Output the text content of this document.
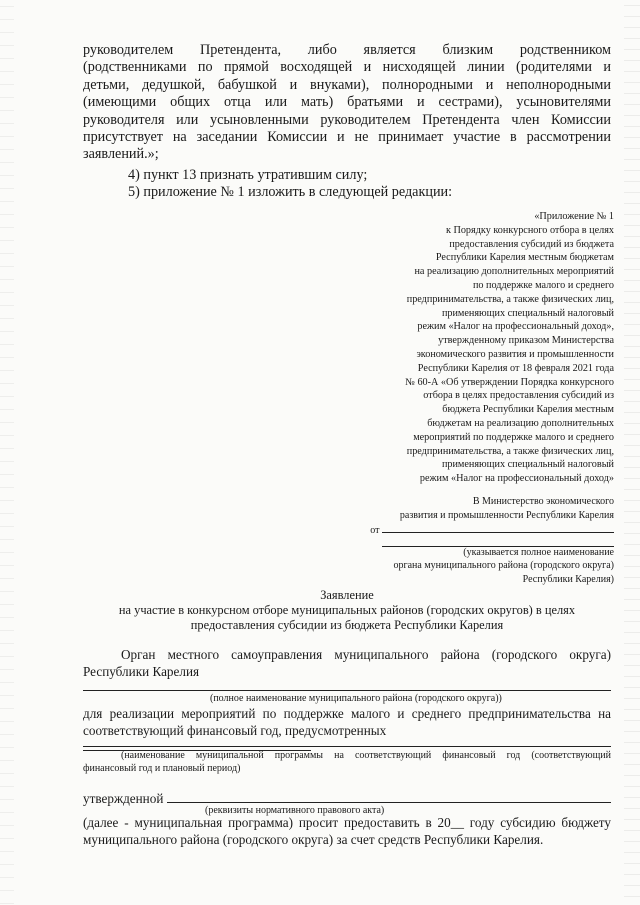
руководителем Претендента, либо является близким родственником
(родственниками по прямой восходящей и нисходящей линии (родителями и
детьми, дедушкой, бабушкой и внуками), полнородными и неполнородными
(имеющими общих отца или мать) братьями и сестрами), усыновителями
руководителя или усыновленными руководителем Претендента член Комиссии
присутствует на заседании Комиссии и не принимает участие в рассмотрении
заявлений.»;
4) пункт 13 признать утратившим силу;
5) приложение № 1 изложить в следующей редакции:
«Приложение № 1
к Порядку конкурсного отбора в целях
предоставления субсидий из бюджета
Республики Карелия местным бюджетам
на реализацию дополнительных мероприятий
по поддержке малого и среднего
предпринимательства, а также физических лиц,
применяющих специальный налоговый
режим «Налог на профессиональный доход»,
утвержденному приказом Министерства
экономического развития и промышленности
Республики Карелия от 18 февраля 2021 года
№ 60-А «Об утверждении Порядка конкурсного
отбора в целях предоставления субсидий из
бюджета Республики Карелия местным
бюджетам на реализацию дополнительных
мероприятий по поддержке малого и среднего
предпринимательства, а также физических лиц,
применяющих специальный налоговый
режим «Налог на профессиональный доход»
В Министерство экономического
развития и промышленности Республики Карелия
от
(указывается полное наименование
органа муниципального района (городского округа)
Республики Карелия)
Заявление
на участие в конкурсном отборе муниципальных районов (городских округов) в целях
предоставления субсидии из бюджета Республики Карелия
Орган местного самоуправления муниципального района (городского округа)
Республики Карелия
(полное наименование муниципального района (городского округа))
для реализации мероприятий по поддержке малого и среднего предпринимательства на
соответствующий финансовый год, предусмотренных
(наименование муниципальной программы на соответствующий финансовый год (соответствующий
финансовый год и плановый период)
утвержденной
(реквизиты нормативного правового акта)
(далее - муниципальная программа) просит предоставить в 20__ году субсидию бюджету
муниципального района (городского округа) за счет средств Республики Карелия.
